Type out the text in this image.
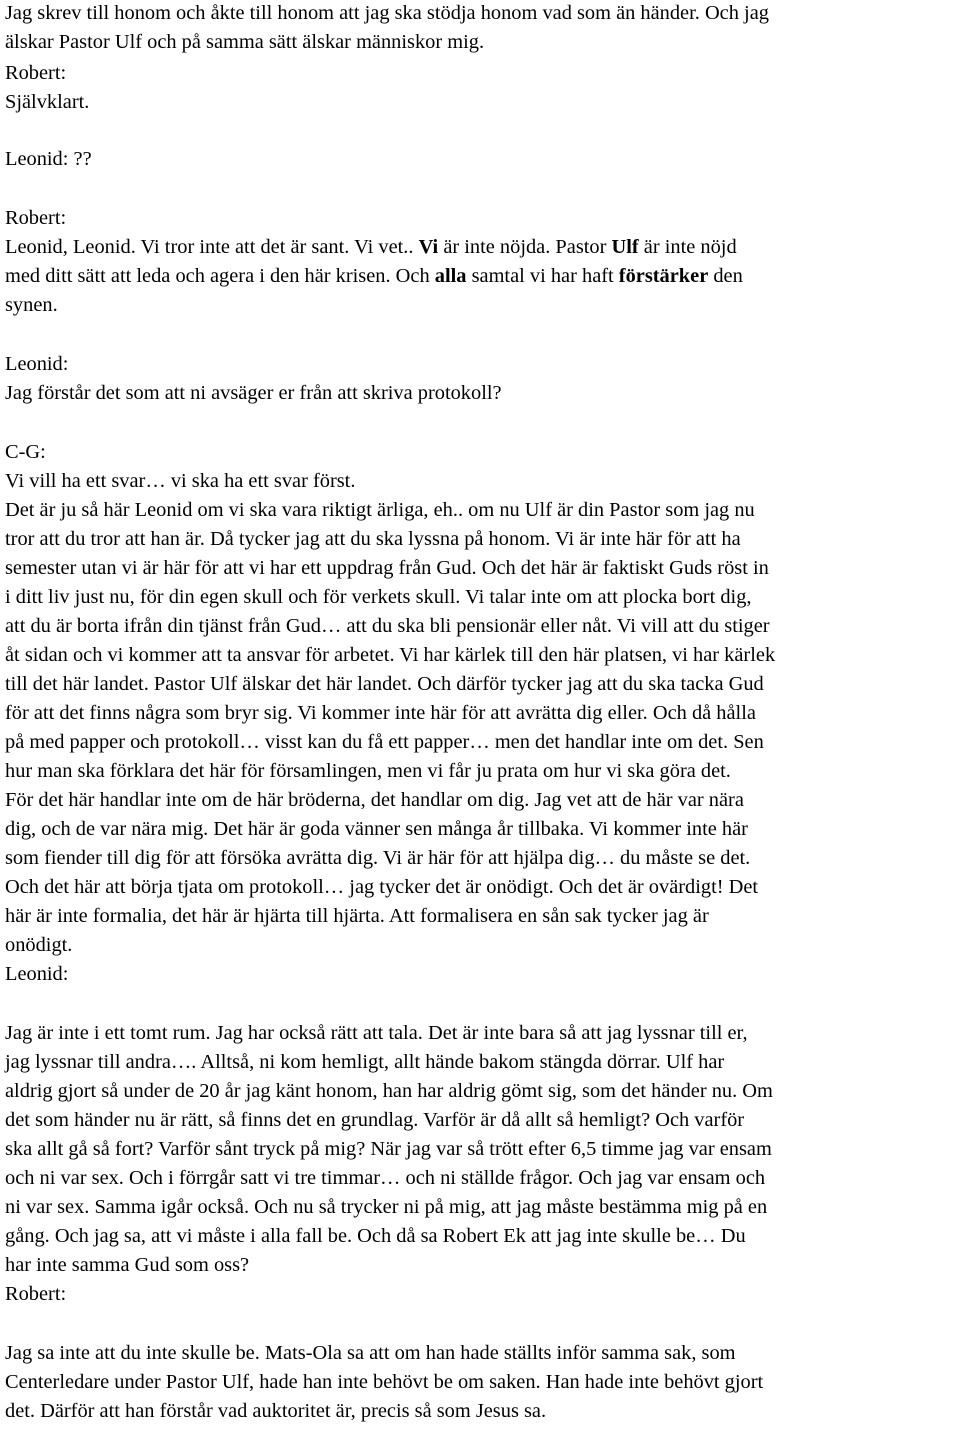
Jag skrev till honom och åkte till honom att jag ska stödja honom vad som än händer. Och jag
älskar Pastor Ulf och på samma sätt älskar människor mig.
Robert:
Självklart.
Leonid: ??
Robert:
Leonid, Leonid. Vi tror inte att det är sant. Vi vet.. Vi är inte nöjda. Pastor Ulf är inte nöjd
med ditt sätt att leda och agera i den här krisen. Och alla samtal vi har haft förstärker den
synen.
Leonid:
Jag förstår det som att ni avsäger er från att skriva protokoll?
C-G:
Vi vill ha ett svar… vi ska ha ett svar först.
Det är ju så här Leonid om vi ska vara riktigt ärliga, eh.. om nu Ulf är din Pastor som jag nu
tror att du tror att han är. Då tycker jag att du ska lyssna på honom. Vi är inte här för att ha
semester utan vi är här för att vi har ett uppdrag från Gud. Och det här är faktiskt Guds röst in
i ditt liv just nu, för din egen skull och för verkets skull. Vi talar inte om att plocka bort dig,
att du är borta ifrån din tjänst från Gud… att du ska bli pensionär eller nåt. Vi vill att du stiger
åt sidan och vi kommer att ta ansvar för arbetet. Vi har kärlek till den här platsen, vi har kärlek
till det här landet. Pastor Ulf älskar det här landet. Och därför tycker jag att du ska tacka Gud
för att det finns några som bryr sig. Vi kommer inte här för att avrätta dig eller. Och då hålla
på med papper och protokoll… visst kan du få ett papper… men det handlar inte om det. Sen
hur man ska förklara det här för församlingen, men vi får ju prata om hur vi ska göra det.
För det här handlar inte om de här bröderna, det handlar om dig. Jag vet att de här var nära
dig, och de var nära mig. Det här är goda vänner sen många år tillbaka. Vi kommer inte här
som fiender till dig för att försöka avrätta dig. Vi är här för att hjälpa dig… du måste se det.
Och det här att börja tjata om protokoll… jag tycker det är onödigt. Och det är ovärdigt! Det
här är inte formalia, det här är hjärta till hjärta. Att formalisera en sån sak tycker jag är
onödigt.
Leonid:
Jag är inte i ett tomt rum. Jag har också rätt att tala. Det är inte bara så att jag lyssnar till er,
jag lyssnar till andra…. Alltså, ni kom hemligt, allt hände bakom stängda dörrar. Ulf har
aldrig gjort så under de 20 år jag känt honom, han har aldrig gömt sig, som det händer nu. Om
det som händer nu är rätt, så finns det en grundlag. Varför är då allt så hemligt? Och varför
ska allt gå så fort? Varför sånt tryck på mig? När jag var så trött efter 6,5 timme jag var ensam
och ni var sex. Och i förrgår satt vi tre timmar… och ni ställde frågor. Och jag var ensam och
ni var sex. Samma igår också. Och nu så trycker ni på mig, att jag måste bestämma mig på en
gång. Och jag sa, att vi måste i alla fall be. Och då sa Robert Ek att jag inte skulle be… Du
har inte samma Gud som oss?
Robert:
Jag sa inte att du inte skulle be. Mats-Ola sa att om han hade ställts inför samma sak, som
Centerledare under Pastor Ulf, hade han inte behövt be om saken. Han hade inte behövt gjort
det. Därför att han förstår vad auktoritet är, precis så som Jesus sa.
